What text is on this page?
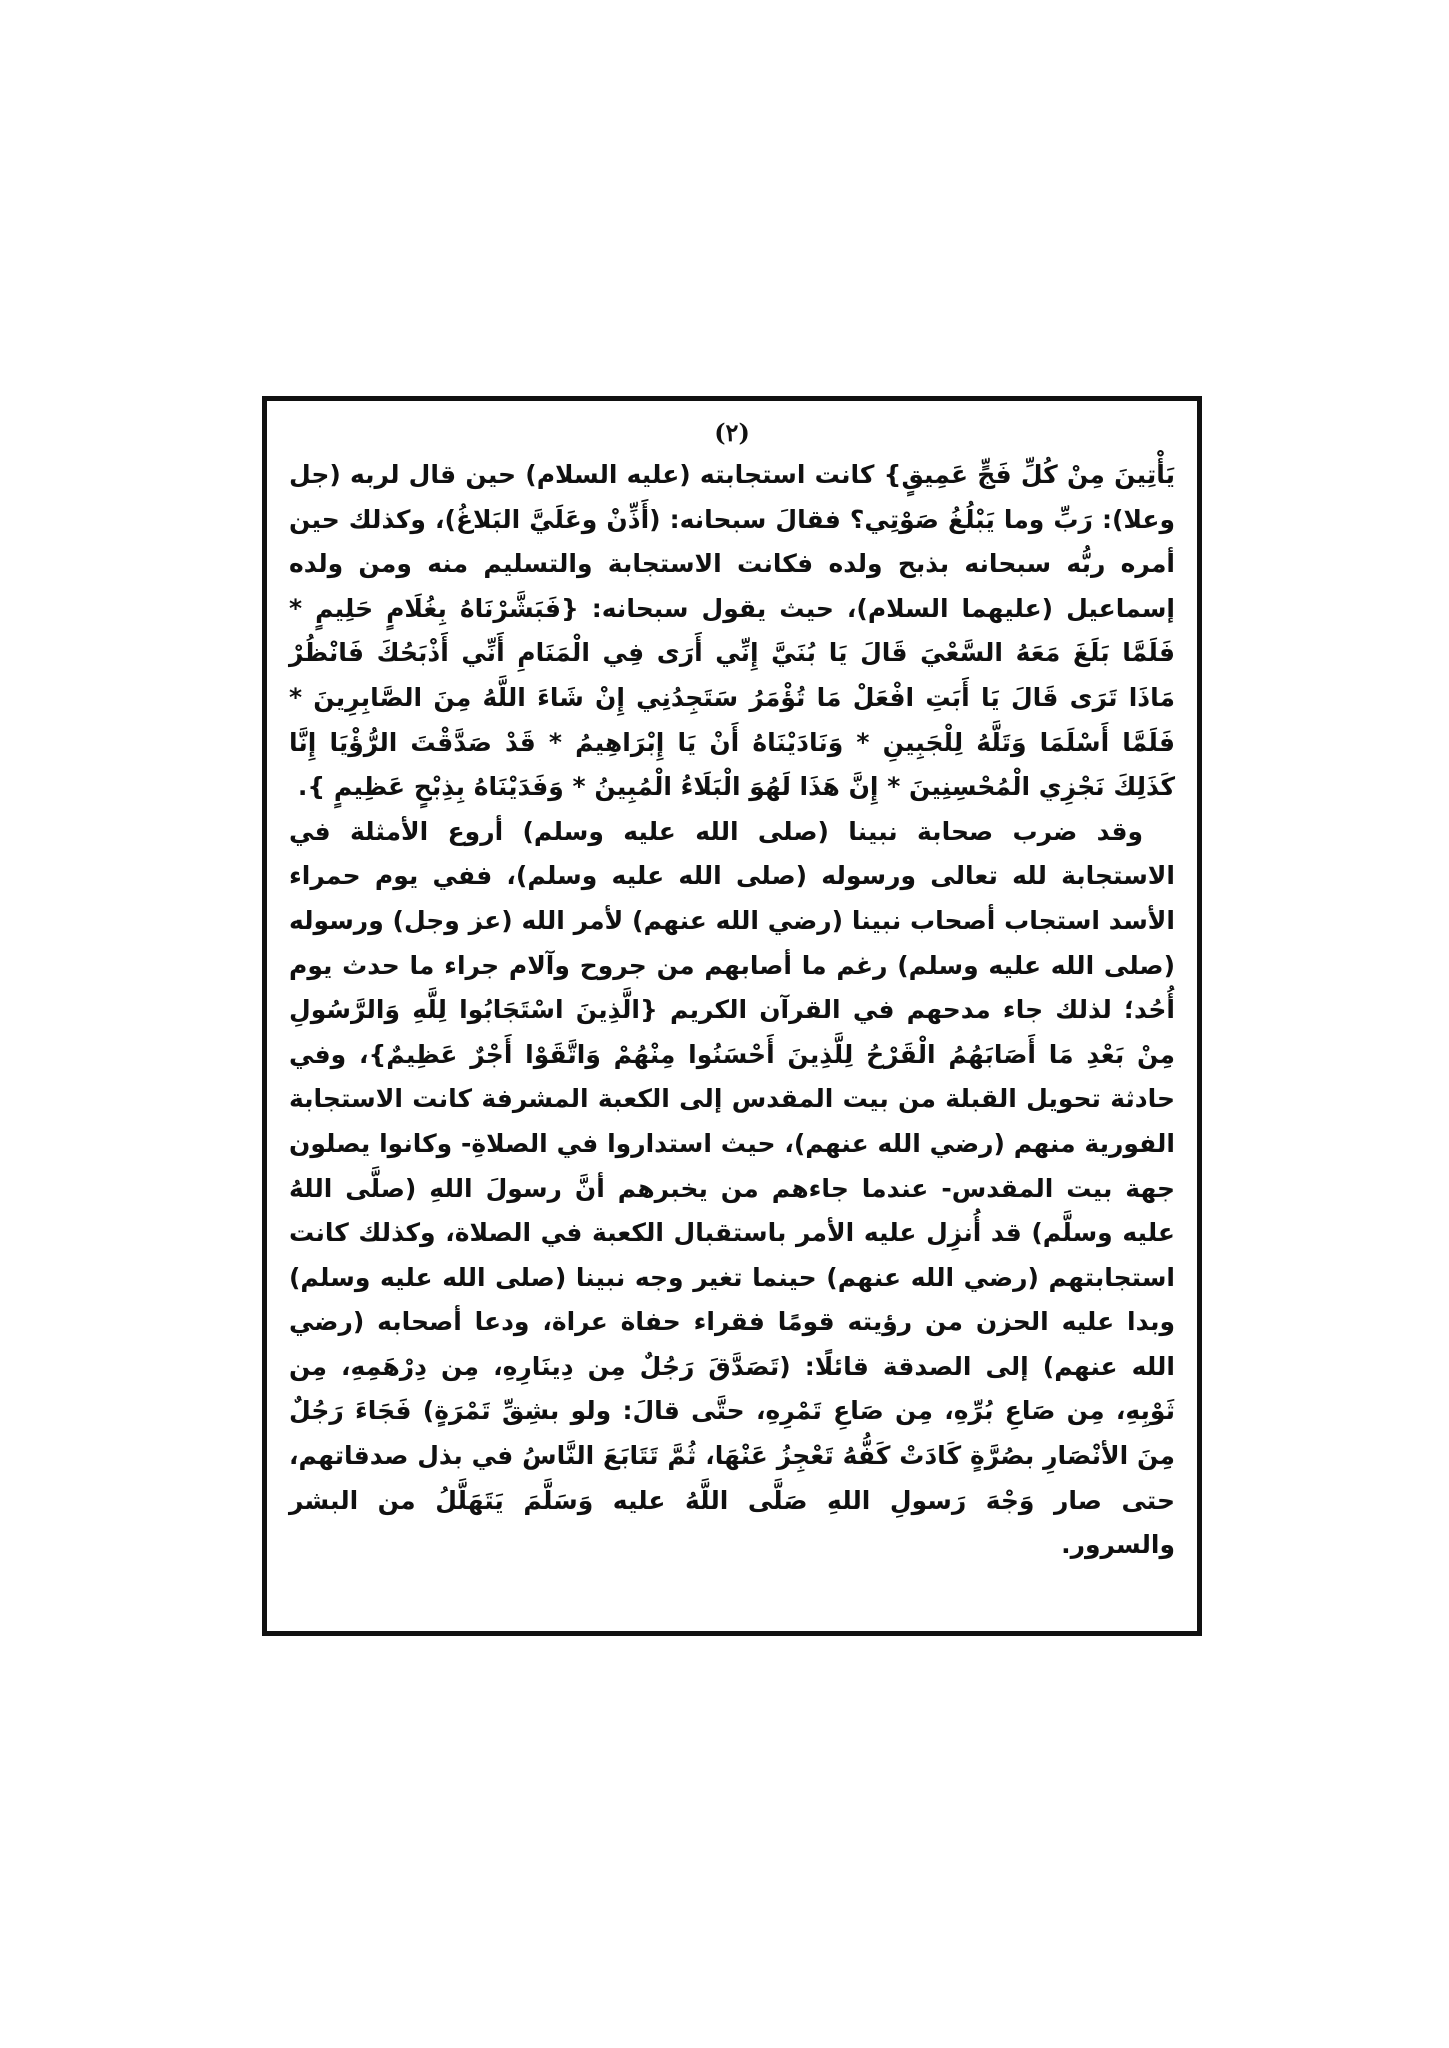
(٢)

يَأْتِينَ مِنْ كُلِّ فَجٍّ عَمِيقٍ} كانت استجابته (عليه السلام) حين قال لربه (جل وعلا): رَبِّ وما يَبْلُغُ صَوْتِي؟ فقالَ سبحانه: (أَذِّنْ وعَلَيَّ البَلاغُ)، وكذلك حين أمره ربُّه سبحانه بذبح ولده فكانت الاستجابة والتسليم منه ومن ولده إسماعيل (عليهما السلام)، حيث يقول سبحانه: {فَبَشَّرْنَاهُ بِغُلَامٍ حَلِيمٍ * فَلَمَّا بَلَغَ مَعَهُ السَّعْيَ قَالَ يَا بُنَيَّ إِنِّي أَرَى فِي الْمَنَامِ أَنِّي أَذْبَحُكَ فَانْظُرْ مَاذَا تَرَى قَالَ يَا أَبَتِ افْعَلْ مَا تُؤْمَرُ سَتَجِدُنِي إِنْ شَاءَ اللَّهُ مِنَ الصَّابِرِينَ * فَلَمَّا أَسْلَمَا وَتَلَّهُ لِلْجَبِينِ * وَنَادَيْنَاهُ أَنْ يَا إِبْرَاهِيمُ * قَدْ صَدَّقْتَ الرُّؤْيَا إِنَّا كَذَلِكَ نَجْزِي الْمُحْسِنِينَ * إِنَّ هَذَا لَهُوَ الْبَلَاءُ الْمُبِينُ * وَفَدَيْنَاهُ بِذِبْحٍ عَظِيمٍ }.

وقد ضرب صحابة نبينا (صلى الله عليه وسلم) أروع الأمثلة في الاستجابة لله تعالى ورسوله (صلى الله عليه وسلم)، ففي يوم حمراء الأسد استجاب أصحاب نبينا (رضي الله عنهم) لأمر الله (عز وجل) ورسوله (صلى الله عليه وسلم) رغم ما أصابهم من جروح وآلام جراء ما حدث يوم أُحُد؛ لذلك جاء مدحهم في القرآن الكريم {الَّذِينَ اسْتَجَابُوا لِلَّهِ وَالرَّسُولِ مِنْ بَعْدِ مَا أَصَابَهُمُ الْقَرْحُ لِلَّذِينَ أَحْسَنُوا مِنْهُمْ وَاتَّقَوْا أَجْرٌ عَظِيمٌ}، وفي حادثة تحويل القبلة من بيت المقدس إلى الكعبة المشرفة كانت الاستجابة الفورية منهم (رضي الله عنهم)، حيث استداروا في الصلاةِ- وكانوا يصلون جهة بيت المقدس- عندما جاءهم من يخبرهم أنَّ رسولَ اللهِ (صلَّى اللهُ عليه وسلَّم) قد أُنزِل عليه الأمر باستقبال الكعبة في الصلاة، وكذلك كانت استجابتهم (رضي الله عنهم) حينما تغير وجه نبينا (صلى الله عليه وسلم) وبدا عليه الحزن من رؤيته قومًا فقراء حفاة عراة، ودعا أصحابه (رضي الله عنهم) إلى الصدقة قائلًا: (تَصَدَّقَ رَجُلٌ مِن دِينَارِهِ، مِن دِرْهَمِهِ، مِن ثَوْبِهِ، مِن صَاعِ بُرِّهِ، مِن صَاعِ تَمْرِهِ، حتَّى قالَ: ولو بشِقِّ تَمْرَةٍ) فَجَاءَ رَجُلٌ مِنَ الأنْصَارِ بصُرَّةٍ كَادَتْ كَفُّهُ تَعْجِزُ عَنْهَا، ثُمَّ تَتَابَعَ النَّاسُ في بذل صدقاتهم، حتى صار وَجْهَ رَسولِ اللهِ صَلَّى اللَّهُ عليه وَسَلَّمَ يَتَهَلَّلُ من البشر والسرور.
